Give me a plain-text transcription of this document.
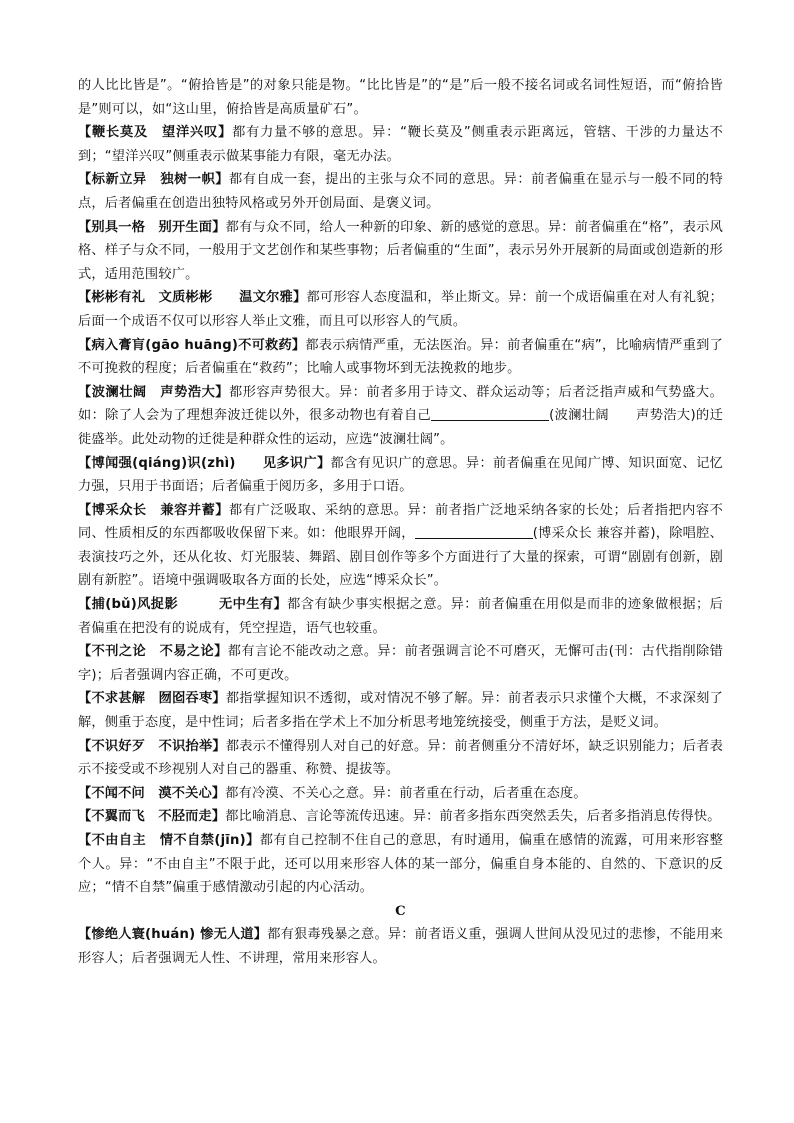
的人比比皆是”。“俯拾皆是”的对象只能是物。“比比皆是”的“是”后一般不接名词或名词性短语，而“俯拾皆是”则可以，如“这山里，俯拾皆是高质量矿石”。

【鞭长莫及　望洋兴叹】都有力量不够的意思。异：“鞭长莫及”侧重表示距离远，管辖、干涉的力量达不到；“望洋兴叹”侧重表示做某事能力有限，毫无办法。

【标新立异　独树一帜】都有自成一套，提出的主张与众不同的意思。异：前者偏重在显示与一般不同的特点，后者偏重在创造出独特风格或另外开创局面、是褒义词。

【别具一格　别开生面】都有与众不同，给人一种新的印象、新的感觉的意思。异：前者偏重在“格”，表示风格、样子与众不同，一般用于文艺创作和某些事物；后者偏重的“生面”，表示另外开展新的局面或创造新的形式，适用范围较广。

【彬彬有礼　文质彬彬　　温文尔雅】都可形容人态度温和，举止斯文。异：前一个成语偏重在对人有礼貌；后面一个成语不仅可以形容人举止文雅，而且可以形容人的气质。

【病入膏肓(gāo huāng)不可救药】都表示病情严重，无法医治。异：前者偏重在“病”，比喻病情严重到了不可挽救的程度；后者偏重在“救药”；比喻人或事物坏到无法挽救的地步。

【波澜壮阔　声势浩大】都形容声势很大。异：前者多用于诗文、群众运动等；后者泛指声威和气势盛大。如：除了人会为了理想奔波迁徙以外，很多动物也有着自己	(波澜壮阔　　声势浩大)的迁徙盛举。此处动物的迁徙是种群众性的运动，应选“波澜壮阔”。

【博闻强(qiáng)识(zhì)　　见多识广】都含有见识广的意思。异：前者偏重在见闻广博、知识面宽、记忆力强，只用于书面语；后者偏重于阅历多，多用于口语。

【博采众长　兼容并蓄】都有广泛吸取、采纳的意思。异：前者指广泛地采纳各家的长处；后者指把内容不同、性质相反的东西都吸收保留下来。如：他眼界开阔，	(博采众长 兼容并蓄)，除唱腔、表演技巧之外，还从化妆、灯光服装、舞蹈、剧目创作等多个方面进行了大量的探索，可谓“剧剧有创新，剧剧有新腔”。语境中强调吸取各方面的长处，应选“博采众长”。

【捕(bǔ)风捉影　　　无中生有】都含有缺少事实根据之意。异：前者偏重在用似是而非的迹象做根据；后者偏重在把没有的说成有，凭空捏造，语气也较重。

【不刊之论　不易之论】都有言论不能改动之意。异：前者强调言论不可磨灭，无懈可击(刊：古代指削除错字)；后者强调内容正确，不可更改。

【不求甚解　囫囵吞枣】都指掌握知识不透彻，或对情况不够了解。异：前者表示只求懂个大概，不求深刻了解，侧重于态度，是中性词；后者多指在学术上不加分析思考地笼统接受，侧重于方法，是贬义词。

【不识好歹　不识抬举】都表示不懂得别人对自己的好意。异：前者侧重分不清好坏，缺乏识别能力；后者表示不接受或不珍视别人对自己的器重、称赞、提拔等。

【不闻不问　漠不关心】都有冷漠、不关心之意。异：前者重在行动，后者重在态度。

【不翼而飞　不胫而走】都比喻消息、言论等流传迅速。异：前者多指东西突然丢失，后者多指消息传得快。

【不由自主　情不自禁(jīn)】都有自己控制不住自己的意思，有时通用，偏重在感情的流露，可用来形容整个人。异：“不由自主”不限于此，还可以用来形容人体的某一部分，偏重自身本能的、自然的、下意识的反应；“情不自禁”偏重于感情激动引起的内心活动。

C

【惨绝人寰(huán) 惨无人道】都有狠毒残暴之意。异：前者语义重，强调人世间从没见过的悲惨，不能用来形容人；后者强调无人性、不讲理，常用来形容人。
